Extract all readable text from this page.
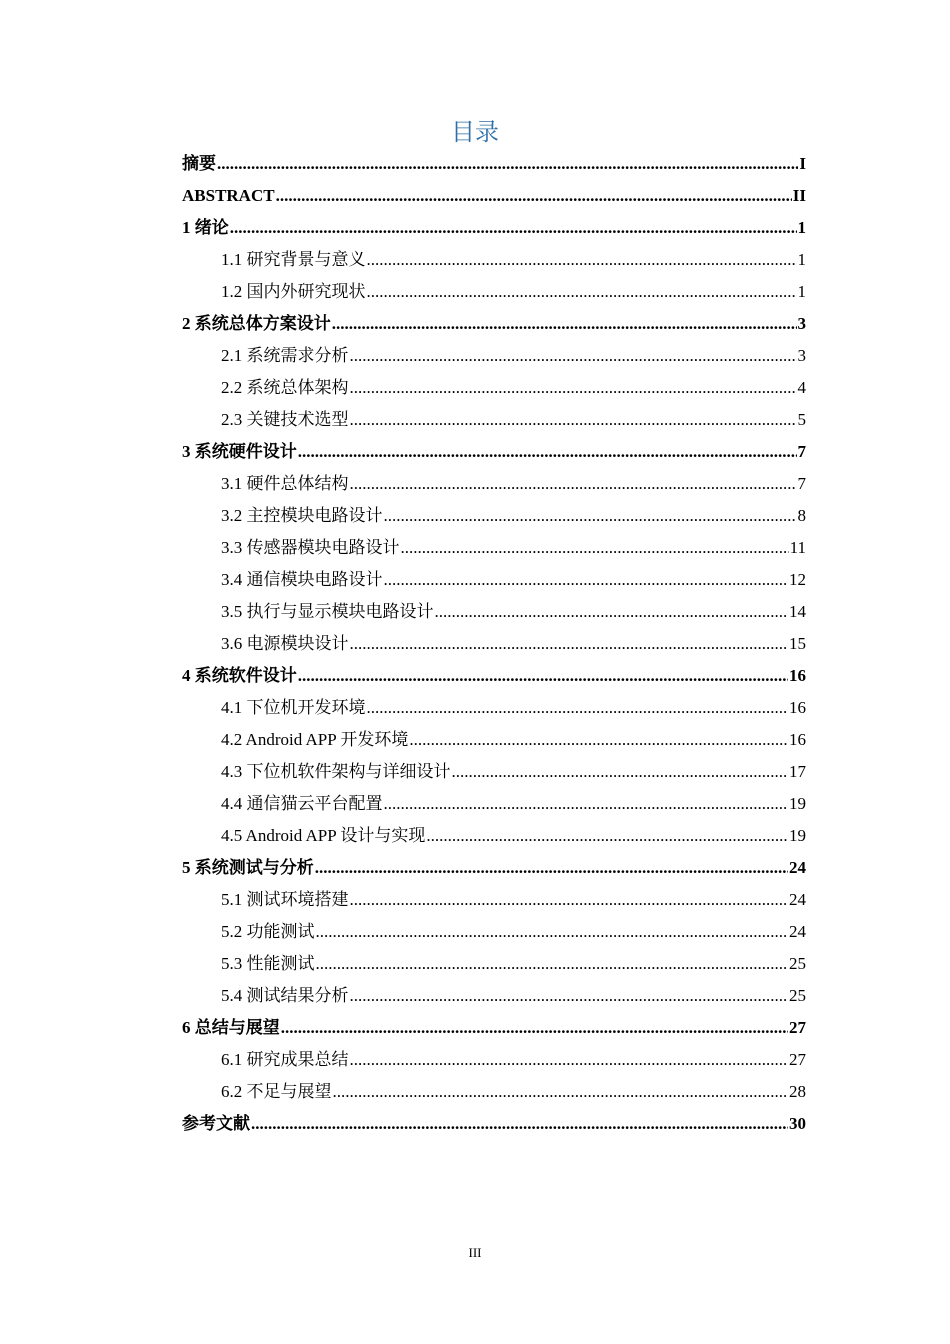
目录
摘要 .....	I
ABSTRACT .....	II
1 绪论 .....	1
1.1 研究背景与意义 .....	1
1.2 国内外研究现状 .....	1
2 系统总体方案设计 .....	3
2.1 系统需求分析 .....	3
2.2 系统总体架构 .....	4
2.3 关键技术选型 .....	5
3 系统硬件设计 .....	7
3.1 硬件总体结构 .....	7
3.2 主控模块电路设计 .....	8
3.3 传感器模块电路设计 .....	11
3.4 通信模块电路设计 .....	12
3.5 执行与显示模块电路设计 .....	14
3.6 电源模块设计 .....	15
4 系统软件设计 .....	16
4.1 下位机开发环境 .....	16
4.2 Android APP 开发环境 .....	16
4.3 下位机软件架构与详细设计 .....	17
4.4 通信猫云平台配置 .....	19
4.5 Android APP 设计与实现 .....	19
5 系统测试与分析 .....	24
5.1 测试环境搭建 .....	24
5.2 功能测试 .....	24
5.3 性能测试 .....	25
5.4 测试结果分析 .....	25
6 总结与展望 .....	27
6.1 研究成果总结 .....	27
6.2 不足与展望 .....	28
参考文献 .....	30
III
